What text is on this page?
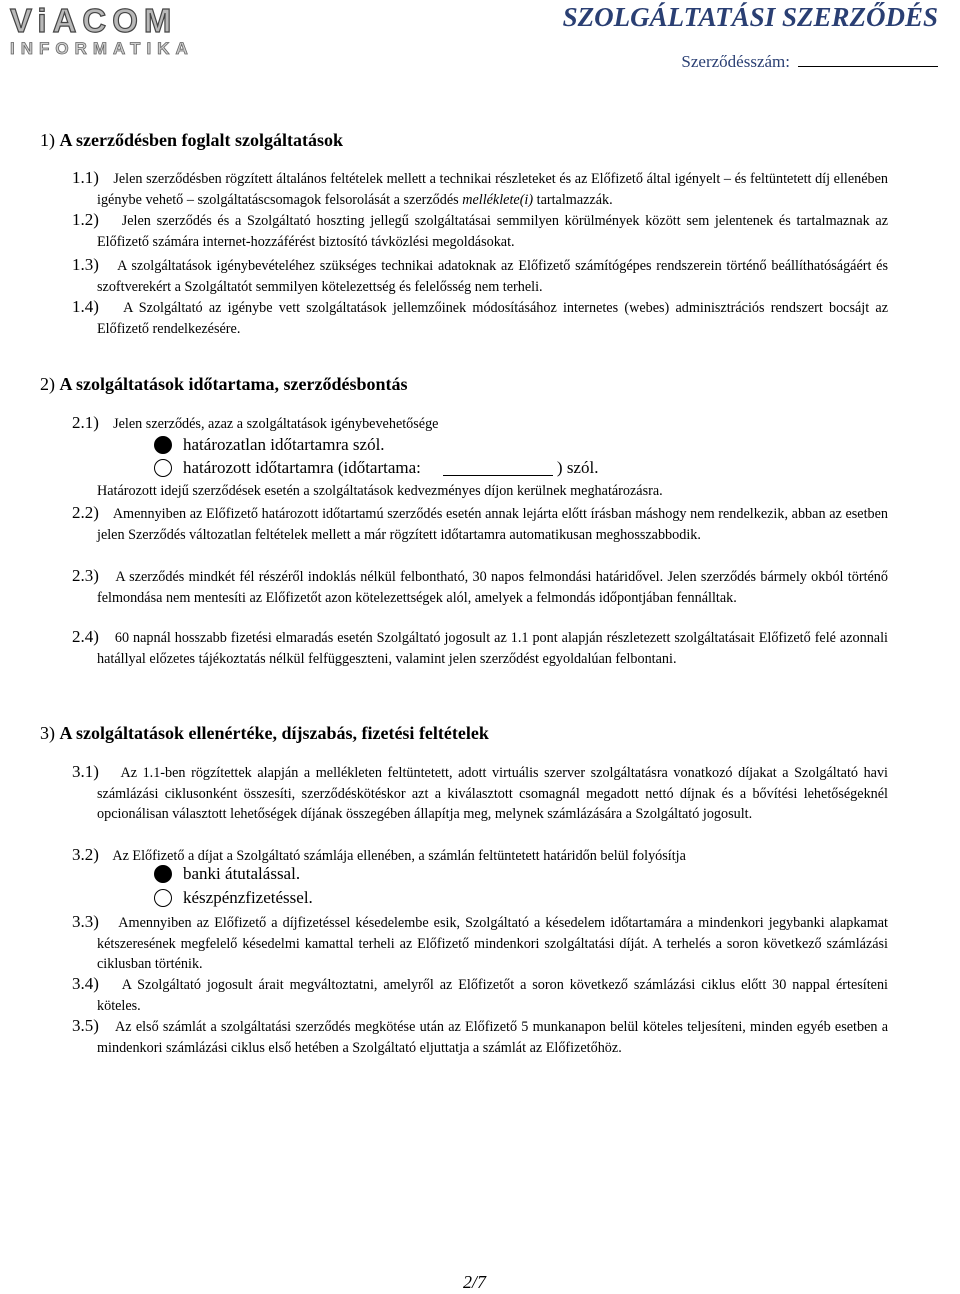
ViACOM
INFORMATIKA
SZOLGÁLTATÁSI SZERZŐDÉS
Szerződésszám:
1) A szerződésben foglalt szolgáltatások
1.1) Jelen szerződésben rögzített általános feltételek mellett a technikai részleteket és az Előfizető által igényelt – és feltüntetett díj ellenében igénybe vehető – szolgáltatáscsomagok felsorolását a szerződés melléklete(i) tartalmazzák.
1.2) Jelen szerződés és a Szolgáltató hoszting jellegű szolgáltatásai semmilyen körülmények között sem jelentenek és tartalmaznak az Előfizető számára internet-hozzáférést biztosító távközlési megoldásokat.
1.3) A szolgáltatások igénybevételéhez szükséges technikai adatoknak az Előfizető számítógépes rendszerein történő beállíthatóságáért és szoftverekért a Szolgáltatót semmilyen kötelezettség és felelősség nem terheli.
1.4) A Szolgáltató az igénybe vett szolgáltatások jellemzőinek módosításához internetes (webes) adminisztrációs rendszert bocsájt az Előfizető rendelkezésére.
2) A szolgáltatások időtartama, szerződésbontás
2.1) Jelen szerződés, azaz a szolgáltatások igénybevehetősége
határozatlan időtartamra szól.
határozott időtartamra (időtartama:	) szól.
Határozott idejű szerződések esetén a szolgáltatások kedvezményes díjon kerülnek meghatározásra.
2.2) Amennyiben az Előfizető határozott időtartamú szerződés esetén annak lejárta előtt írásban máshogy nem rendelkezik, abban az esetben jelen Szerződés változatlan feltételek mellett a már rögzített időtartamra automatikusan meghosszabbodik.
2.3) A szerződés mindkét fél részéről indoklás nélkül felbontható, 30 napos felmondási határidővel. Jelen szerződés bármely okból történő felmondása nem mentesíti az Előfizetőt azon kötelezettségek alól, amelyek a felmondás időpontjában fennálltak.
2.4) 60 napnál hosszabb fizetési elmaradás esetén Szolgáltató jogosult az 1.1 pont alapján részletezett szolgáltatásait Előfizető felé azonnali hatállyal előzetes tájékoztatás nélkül felfüggeszteni, valamint jelen szerződést egyoldalúan felbontani.
3) A szolgáltatások ellenértéke, díjszabás, fizetési feltételek
3.1) Az 1.1-ben rögzítettek alapján a mellékleten feltüntetett, adott virtuális szerver szolgáltatásra vonatkozó díjakat a Szolgáltató havi számlázási ciklusonként összesíti, szerződéskötéskor azt a kiválasztott csomagnál megadott nettó díjnak és a bővítési lehetőségeknél opcionálisan választott lehetőségek díjának összegében állapítja meg, melynek számlázására a Szolgáltató jogosult.
3.2) Az Előfizető a díjat a Szolgáltató számlája ellenében, a számlán feltüntetett határidőn belül folyósítja
banki átutalással.
készpénzfizetéssel.
3.3) Amennyiben az Előfizető a díjfizetéssel késedelembe esik, Szolgáltató a késedelem időtartamára a mindenkori jegybanki alapkamat kétszeresének megfelelő késedelmi kamattal terheli az Előfizető mindenkori szolgáltatási díját. A terhelés a soron következő számlázási ciklusban történik.
3.4) A Szolgáltató jogosult árait megváltoztatni, amelyről az Előfizetőt a soron következő számlázási ciklus előtt 30 nappal értesíteni köteles.
3.5) Az első számlát a szolgáltatási szerződés megkötése után az Előfizető 5 munkanapon belül köteles teljesíteni, minden egyéb esetben a mindenkori számlázási ciklus első hetében a Szolgáltató eljuttatja a számlát az Előfizetőhöz.
2/7
